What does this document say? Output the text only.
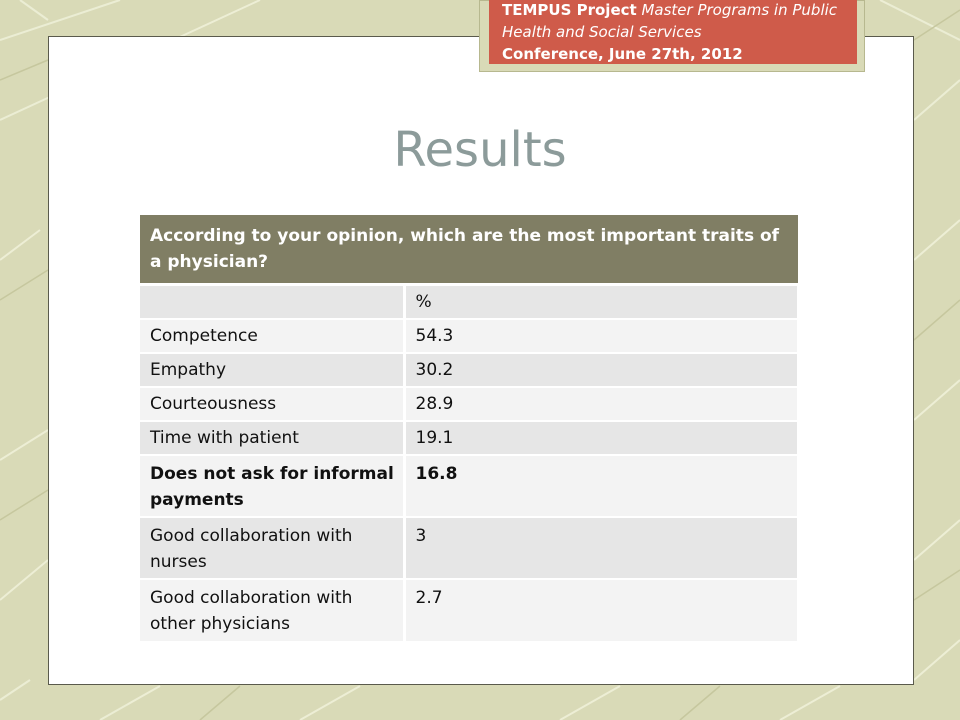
TEMPUS Project Master Programs in Public Health and Social Services
Conference, June 27th, 2012
Results
According to your opinion, which are the most important traits of a physician?	
	%
Competence	54.3
Empathy	30.2
Courteousness	28.9
Time with patient	19.1
Does not ask for informal payments	16.8
Good collaboration with nurses	3
Good collaboration with other physicians	2.7
